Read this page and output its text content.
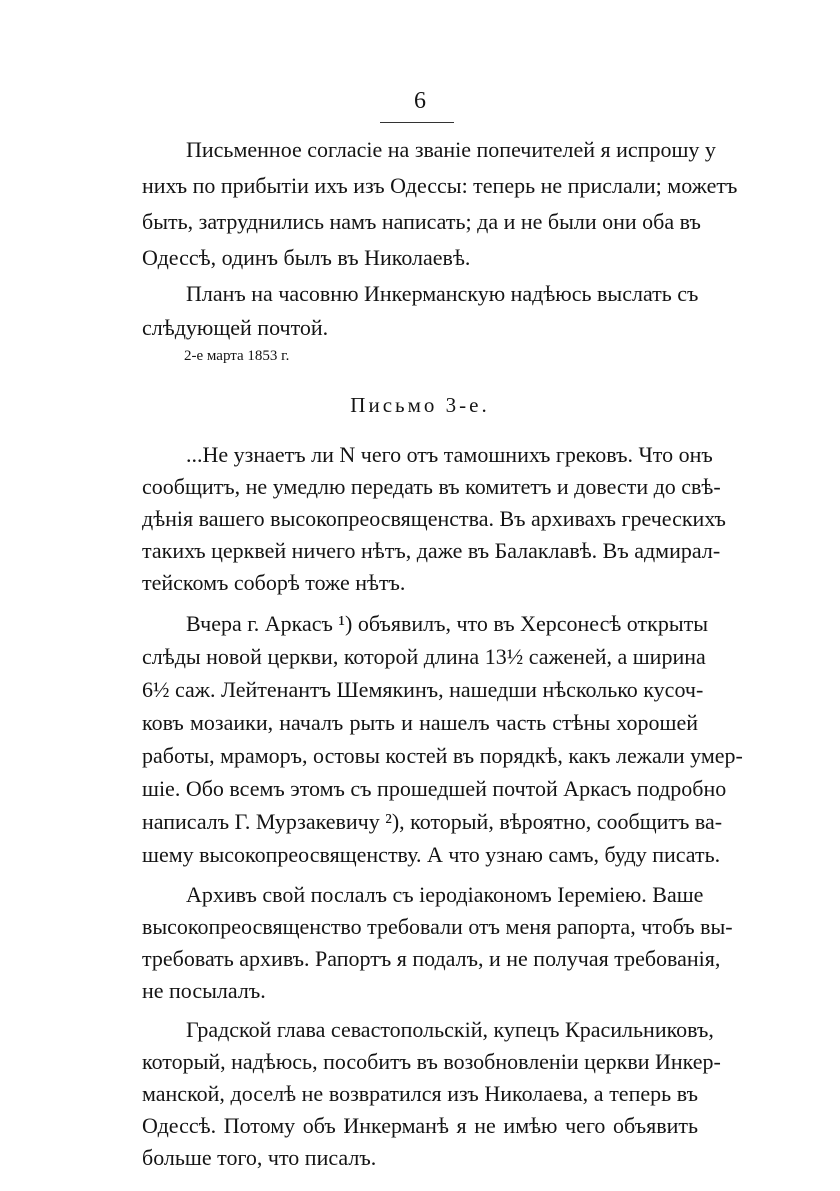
6
Письменное согласіе на званіе попечителей я испрошу у
нихъ по прибытіи ихъ изъ Одессы: теперь не прислали; можетъ
быть, затруднились намъ написать; да и не были они оба въ
Одессѣ, одинъ былъ въ Николаевѣ.
Планъ на часовню Инкерманскую надѣюсь выслать съ
слѣдующей почтой.
2-е марта 1853 г.
Письмо 3-е.
...Не узнаетъ ли N чего отъ тамошнихъ грековъ. Что онъ
сообщитъ, не умедлю передать въ комитетъ и довести до свѣ-
дѣнія вашего высокопреосвященства. Въ архивахъ греческихъ
такихъ церквей ничего нѣтъ, даже въ Балаклавѣ. Въ адмирал-
тейскомъ соборѣ тоже нѣтъ.
Вчера г. Аркасъ ¹) объявилъ, что въ Херсонесѣ открыты
слѣды новой церкви, которой длина 13½ саженей, а ширина
6½ саж. Лейтенантъ Шемякинъ, нашедши нѣсколько кусоч-
ковъ мозаики, началъ рыть и нашелъ часть стѣны хорошей
работы, мраморъ, остовы костей въ порядкѣ, какъ лежали умер-
шіе. Обо всемъ этомъ съ прошедшей почтой Аркасъ подробно
написалъ Г. Мурзакевичу ²), который, вѣроятно, сообщитъ ва-
шему высокопреосвященству. А что узнаю самъ, буду писать.
Архивъ свой послалъ съ іеродіакономъ Іереміею. Ваше
высокопреосвященство требовали отъ меня рапорта, чтобъ вы-
требовать архивъ. Рапортъ я подалъ, и не получая требованія,
не посылалъ.
Градской глава севастопольскій, купецъ Красильниковъ,
который, надѣюсь, пособитъ въ возобновленіи церкви Инкер-
манской, доселѣ не возвратился изъ Николаева, а теперь въ
Одессѣ. Потому объ Инкерманѣ я не имѣю чего объявить
больше того, что писалъ.
